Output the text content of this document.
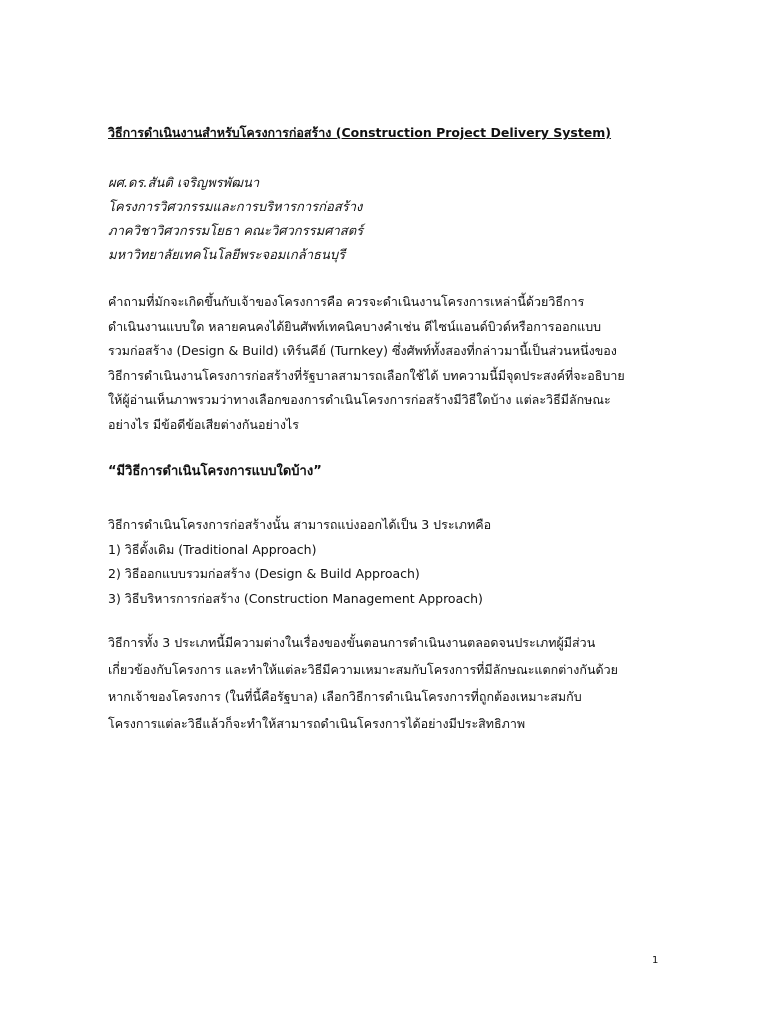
วิธีการดำเนินงานสำหรับโครงการก่อสร้าง (Construction Project Delivery System)
ผศ.ดร.สันติ เจริญพรพัฒนา
โครงการวิศวกรรมและการบริหารการก่อสร้าง
ภาควิชาวิศวกรรมโยธา คณะวิศวกรรมศาสตร์
มหาวิทยาลัยเทคโนโลยีพระจอมเกล้าธนบุรี
คำถามที่มักจะเกิดขึ้นกับเจ้าของโครงการคือ ควรจะดำเนินงานโครงการเหล่านี้ด้วยวิธีการ
ดำเนินงานแบบใด หลายคนคงได้ยินศัพท์เทคนิคบางคำเช่น ดีไซน์แอนด์บิวด์หรือการออกแบบ
รวมก่อสร้าง (Design & Build) เทิร์นคีย์ (Turnkey) ซึ่งศัพท์ทั้งสองที่กล่าวมานี้เป็นส่วนหนึ่งของ
วิธีการดำเนินงานโครงการก่อสร้างที่รัฐบาลสามารถเลือกใช้ได้ บทความนี้มีจุดประสงค์ที่จะอธิบาย
ให้ผู้อ่านเห็นภาพรวมว่าทางเลือกของการดำเนินโครงการก่อสร้างมีวิธีใดบ้าง แต่ละวิธีมีลักษณะ
อย่างไร มีข้อดีข้อเสียต่างกันอย่างไร
“มีวิธีการดำเนินโครงการแบบใดบ้าง”
วิธีการดำเนินโครงการก่อสร้างนั้น สามารถแบ่งออกได้เป็น 3 ประเภทคือ
1) วิธีดั้งเดิม (Traditional Approach)
2) วิธีออกแบบรวมก่อสร้าง (Design & Build Approach)
3) วิธีบริหารการก่อสร้าง (Construction Management Approach)
วิธีการทั้ง 3 ประเภทนี้มีความต่างในเรื่องของขั้นตอนการดำเนินงานตลอดจนประเภทผู้มีส่วน
เกี่ยวข้องกับโครงการ และทำให้แต่ละวิธีมีความเหมาะสมกับโครงการที่มีลักษณะแตกต่างกันด้วย
หากเจ้าของโครงการ (ในที่นี้คือรัฐบาล) เลือกวิธีการดำเนินโครงการที่ถูกต้องเหมาะสมกับ
โครงการแต่ละวิธีแล้วก็จะทำให้สามารถดำเนินโครงการได้อย่างมีประสิทธิภาพ
1
